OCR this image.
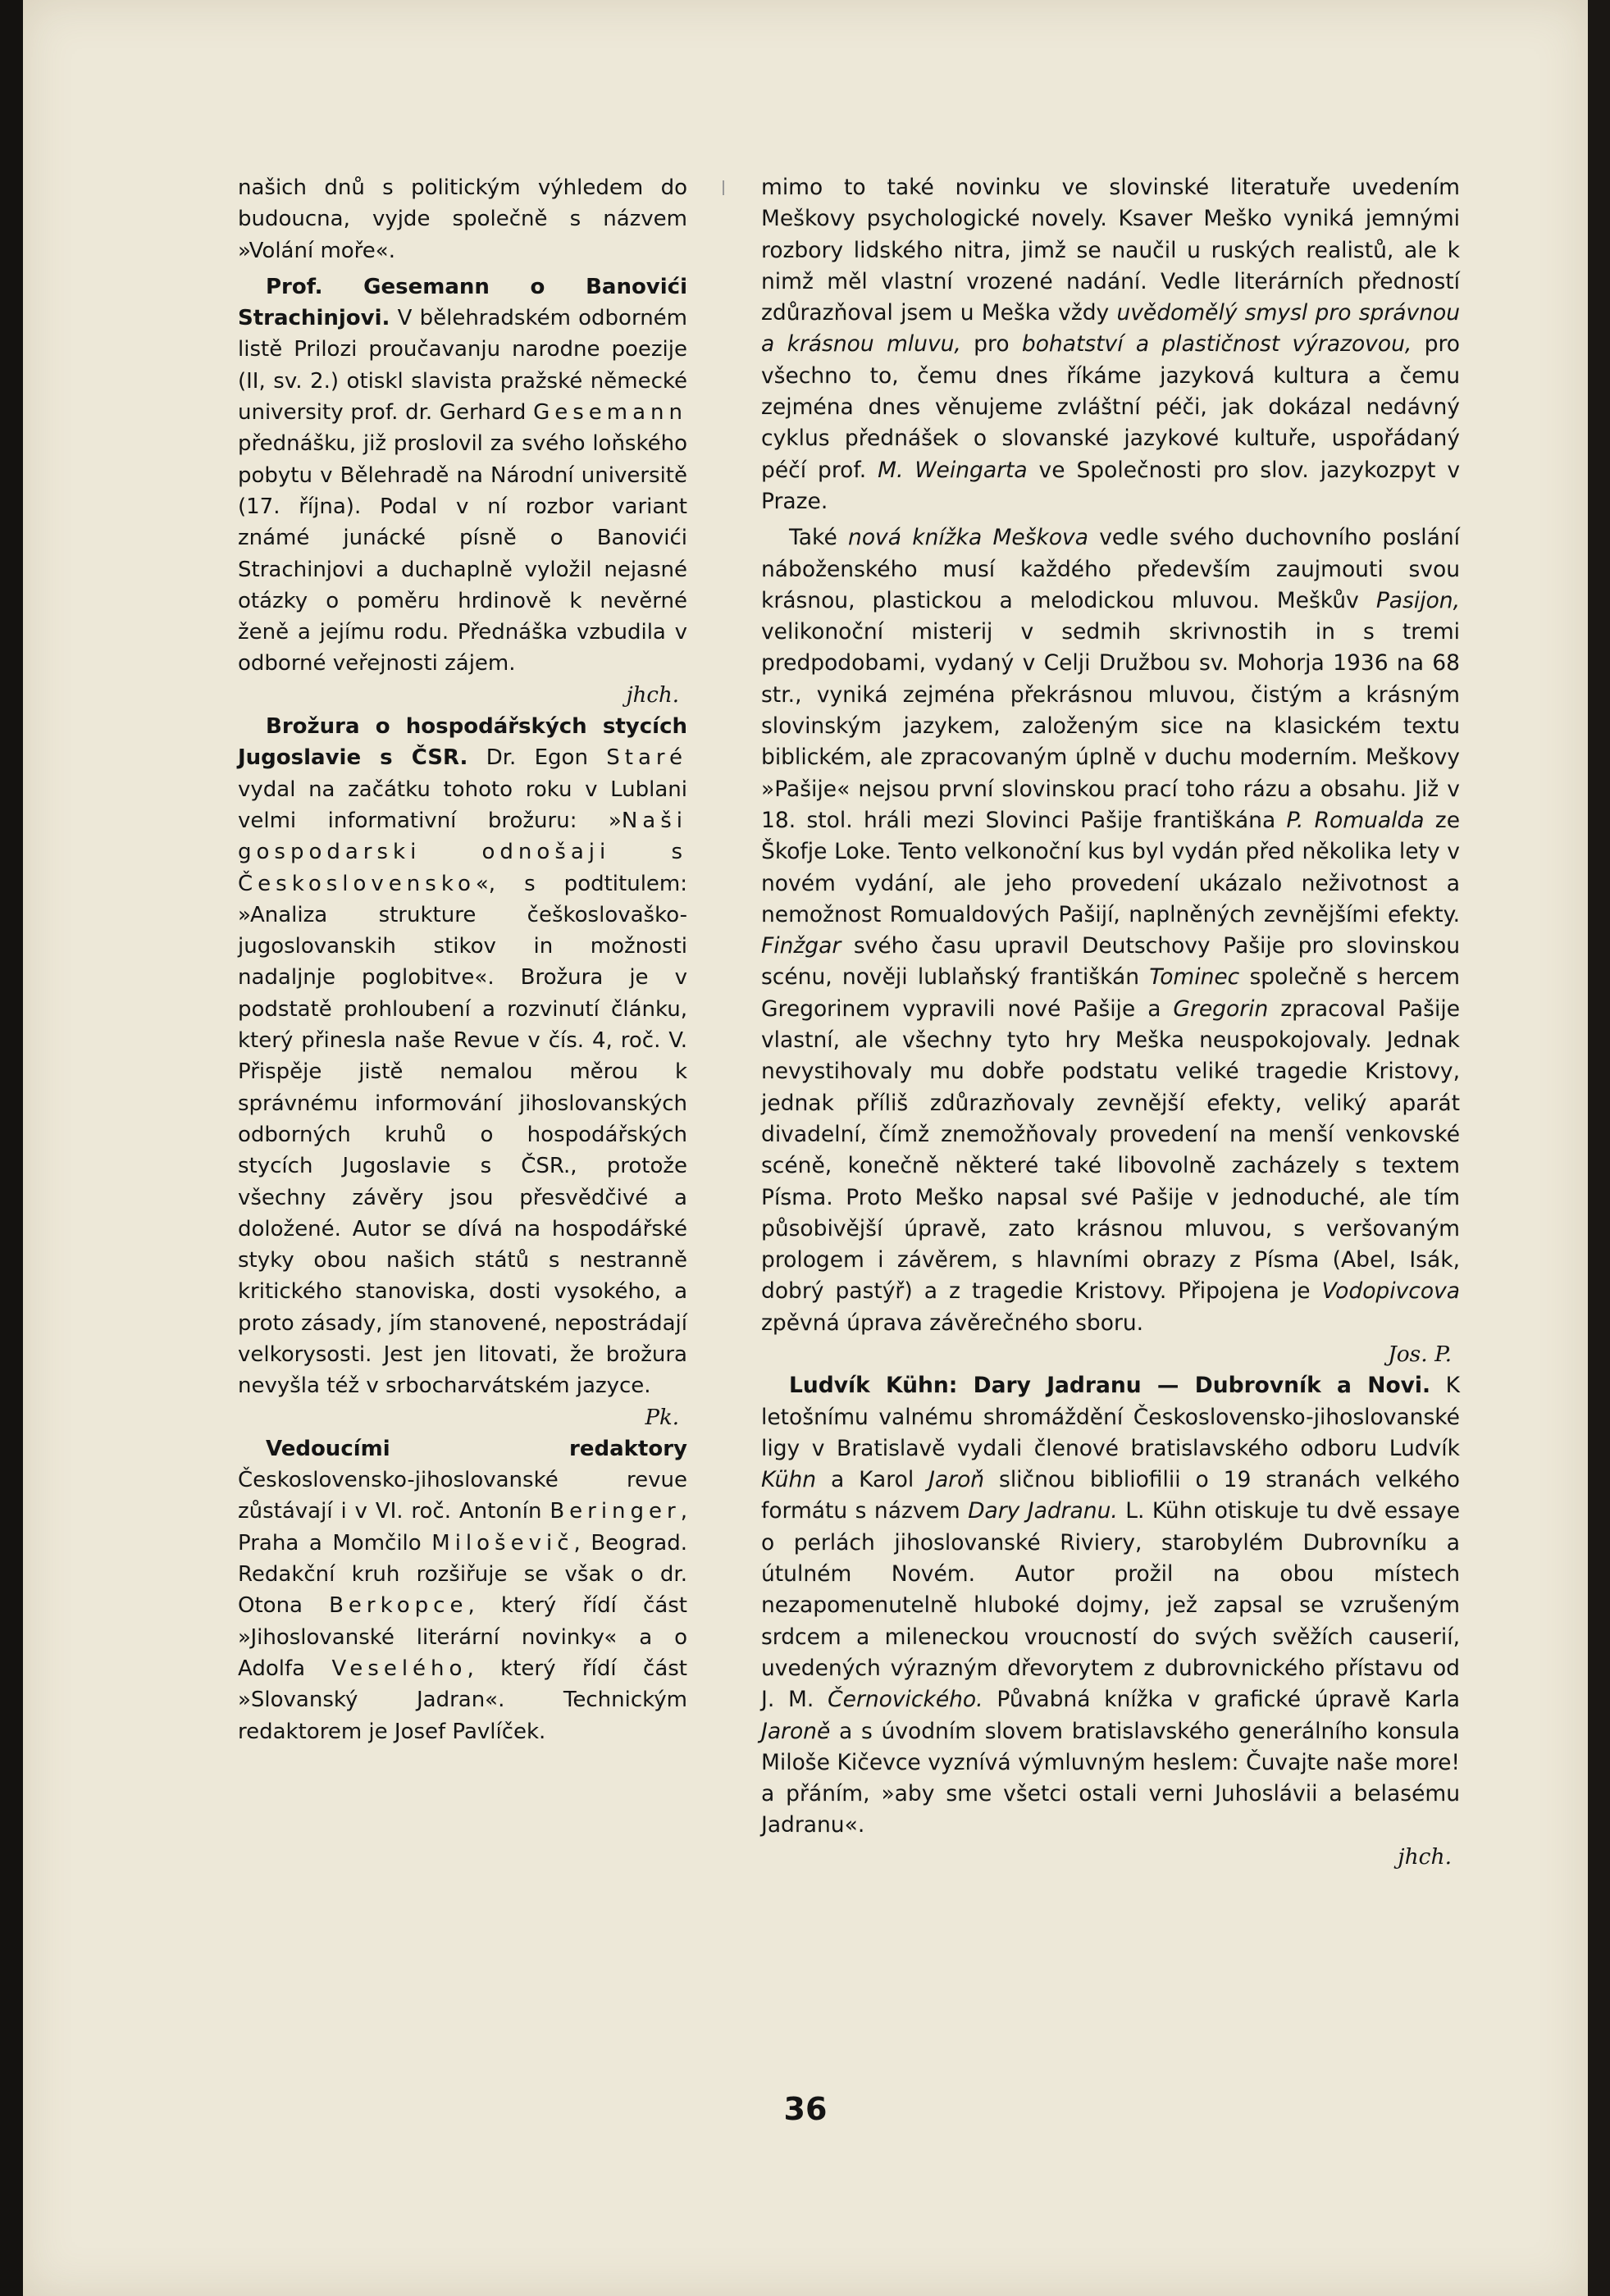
našich dnů s politickým výhledem do budoucna, vyjde společně s názvem »Volání moře«.

Prof. Gesemann o Banovići Strachinjovi. V bělehradském odborném listě Prilozi proučavanju narodne poezije (II, sv. 2.) otiskl slavista pražské německé university prof. dr. Gerhard Gesemann přednášku, již proslovil za svého loňského pobytu v Bělehradě na Národní universitě (17. října). Podal v ní rozbor variant známé junácké písně o Banovići Strachinjovi a duchaplně vyložil nejasné otázky o poměru hrdinově k nevěrné ženě a jejímu rodu. Přednáška vzbudila v odborné veřejnosti zájem.

jhch.

Brožura o hospodářských stycích Jugoslavie s ČSR. Dr. Egon Staré vydal na začátku tohoto roku v Lublani velmi informativní brožuru: »Naši gospodarski odnošaji s Československo«, s podtitulem: »Analiza strukture češkoslovaško-jugoslovanskih stikov in možnosti nadaljnje poglobitve«. Brožura je v podstatě prohloubení a rozvinutí článku, který přinesla naše Revue v čís. 4, roč. V. Přispěje jistě nemalou měrou k správnému informování jihoslovanských odborných kruhů o hospodářských stycích Jugoslavie s ČSR., protože všechny závěry jsou přesvědčivé a doložené. Autor se dívá na hospodářské styky obou našich států s nestranně kritického stanoviska, dosti vysokého, a proto zásady, jím stanovené, nepostrádají velkorysosti. Jest jen litovati, že brožura nevyšla též v srbocharvátském jazyce.

Pk.

Vedoucími redaktory Československo-jihoslovanské revue zůstávají i v VI. roč. Antonín Beringer, Praha a Momčilo Miloševič, Beograd. Redakční kruh rozšiřuje se však o dr. Otona Berkopce, který řídí část »Jihoslovanské literární novinky« a o Adolfa Veselého, který řídí část »Slovanský Jadran«. Technickým redaktorem je Josef Pavlíček.

mimo to také novinku ve slovinské literatuře uvedením Meškovy psychologické novely. Ksaver Meško vyniká jemnými rozbory lidského nitra, jimž se naučil u ruských realistů, ale k nimž měl vlastní vrozené nadání. Vedle literárních předností zdůrazňoval jsem u Meška vždy uvědomělý smysl pro správnou a krásnou mluvu, pro bohatství a plastičnost výrazovou, pro všechno to, čemu dnes říkáme jazyková kultura a čemu zejména dnes věnujeme zvláštní péči, jak dokázal nedávný cyklus přednášek o slovanské jazykové kultuře, uspořádaný péčí prof. M. Weingarta ve Společnosti pro slov. jazykozpyt v Praze.

Také nová knížka Meškova vedle svého duchovního poslání náboženského musí každého především zaujmouti svou krásnou, plastickou a melodickou mluvou. Meškův Pasijon, velikonoční misterij v sedmih skrivnostih in s tremi predpodobami, vydaný v Celji Družbou sv. Mohorja 1936 na 68 str., vyniká zejména překrásnou mluvou, čistým a krásným slovinským jazykem, založeným sice na klasickém textu biblickém, ale zpracovaným úplně v duchu moderním. Meškovy »Pašije« nejsou první slovinskou prací toho rázu a obsahu. Již v 18. stol. hráli mezi Slovinci Pašije františkána P. Romualda ze Škofje Loke. Tento velkonoční kus byl vydán před několika lety v novém vydání, ale jeho provedení ukázalo neživotnost a nemožnost Romualdových Pašijí, naplněných zevnějšími efekty. Finžgar svého času upravil Deutschovy Pašije pro slovinskou scénu, nověji lublaňský františkán Tominec společně s hercem Gregorinem vypravili nové Pašije a Gregorin zpracoval Pašije vlastní, ale všechny tyto hry Meška neuspokojovaly. Jednak nevystihovaly mu dobře podstatu veliké tragedie Kristovy, jednak příliš zdůrazňovaly zevnější efekty, veliký aparát divadelní, čímž znemožňovaly provedení na menší venkovské scéně, konečně některé také libovolně zacházely s textem Písma. Proto Meško napsal své Pašije v jednoduché, ale tím působivější úpravě, zato krásnou mluvou, s veršovaným prologem i závěrem, s hlavními obrazy z Písma (Abel, Isák, dobrý pastýř) a z tragedie Kristovy. Připojena je Vodopivcova zpěvná úprava závěrečného sboru.

Jos. P.

Ludvík Kühn: Dary Jadranu — Dubrovník a Novi. K letošnímu valnému shromáždění Československo-jihoslovanské ligy v Bratislavě vydali členové bratislavského odboru Ludvík Kühn a Karol Jaroň sličnou bibliofilii o 19 stranách velkého formátu s názvem Dary Jadranu. L. Kühn otiskuje tu dvě essaye o perlách jihoslovanské Riviery, starobylém Dubrovníku a útulném Novém. Autor prožil na obou místech nezapomenutelně hluboké dojmy, jež zapsal se vzrušeným srdcem a mileneckou vroucností do svých svěžích causerií, uvedených výrazným dřevorytem z dubrovnického přístavu od J. M. Černovického. Půvabná knížka v grafické úpravě Karla Jaroně a s úvodním slovem bratislavského generálního konsula Miloše Kičevce vyznívá výmluvným heslem: Čuvajte naše more! a přáním, »aby sme všetci ostali verni Juhoslávii a belasému Jadranu«.

jhch.
36
